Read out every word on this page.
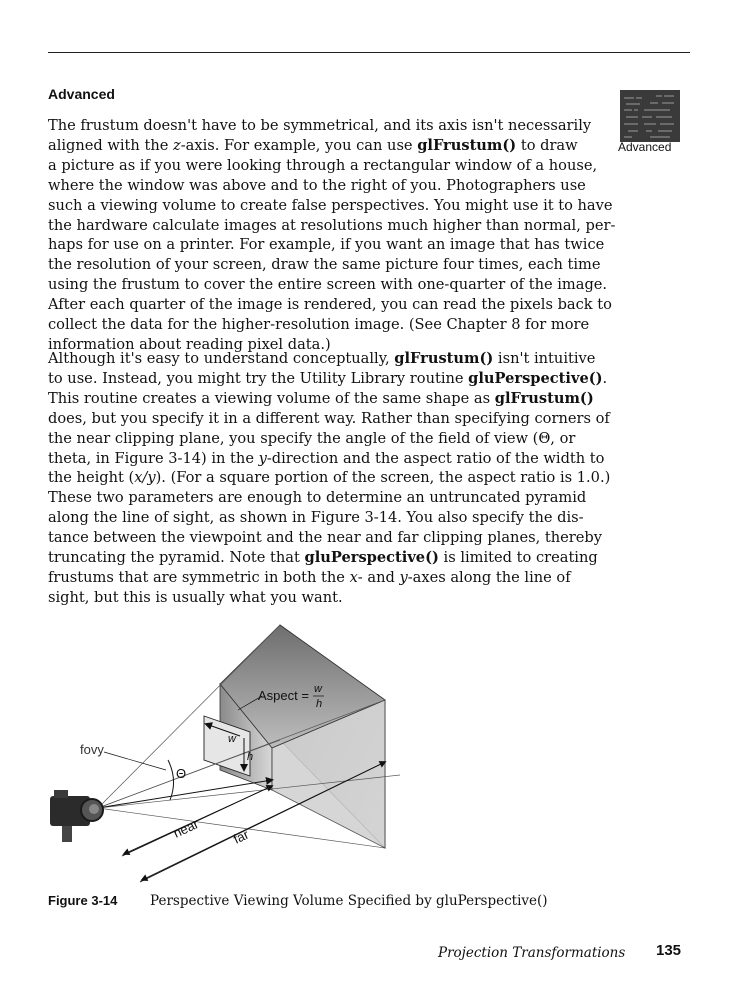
Advanced
Advanced
The frustum doesn't have to be symmetrical, and its axis isn't necessarily
aligned with the z-axis. For example, you can use glFrustum() to draw
a picture as if you were looking through a rectangular window of a house,
where the window was above and to the right of you. Photographers use
such a viewing volume to create false perspectives. You might use it to have
the hardware calculate images at resolutions much higher than normal, per-
haps for use on a printer. For example, if you want an image that has twice
the resolution of your screen, draw the same picture four times, each time
using the frustum to cover the entire screen with one-quarter of the image.
After each quarter of the image is rendered, you can read the pixels back to
collect the data for the higher-resolution image. (See Chapter 8 for more
information about reading pixel data.)
Although it's easy to understand conceptually, glFrustum() isn't intuitive
to use. Instead, you might try the Utility Library routine gluPerspective().
This routine creates a viewing volume of the same shape as glFrustum()
does, but you specify it in a different way. Rather than specifying corners of
the near clipping plane, you specify the angle of the field of view (Θ, or
theta, in Figure 3-14) in the y-direction and the aspect ratio of the width to
the height (x/y). (For a square portion of the screen, the aspect ratio is 1.0.)
These two parameters are enough to determine an untruncated pyramid
along the line of sight, as shown in Figure 3-14. You also specify the dis-
tance between the viewpoint and the near and far clipping planes, thereby
truncating the pyramid. Note that gluPerspective() is limited to creating
frustums that are symmetric in both the x- and y-axes along the line of
sight, but this is usually what you want.
Aspect = w
h
w
h
fovy
Θ
near far
Figure 3-14 Perspective Viewing Volume Specified by gluPerspective()
Projection Transformations 135
